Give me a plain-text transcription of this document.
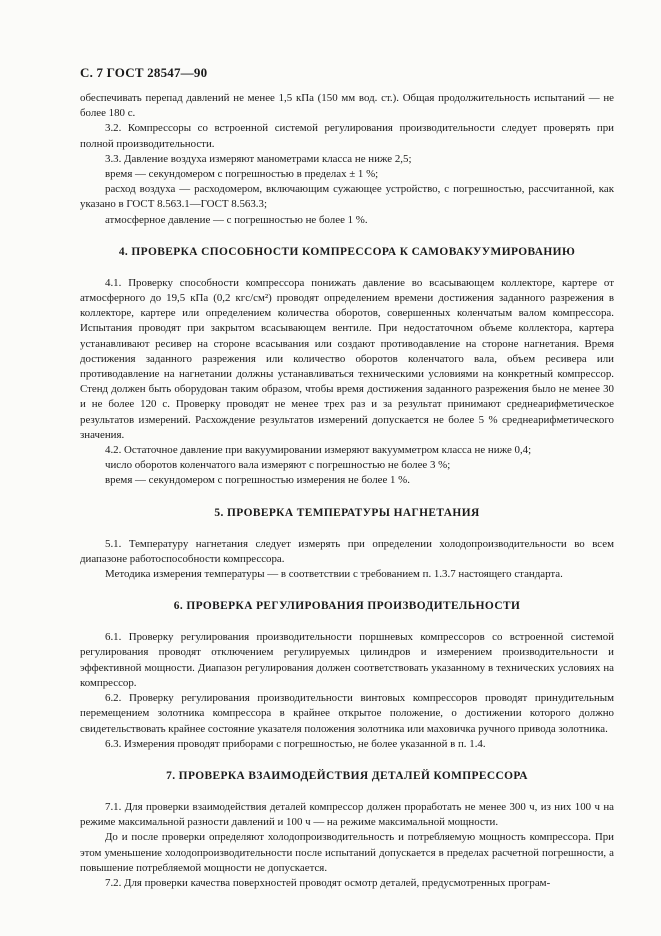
С. 7 ГОСТ 28547—90

обеспечивать перепад давлений не менее 1,5 кПа (150 мм вод. ст.). Общая продолжительность испытаний — не более 180 с.

3.2. Компрессоры со встроенной системой регулирования производительности следует проверять при полной производительности.

3.3. Давление воздуха измеряют манометрами класса не ниже 2,5;

время — секундомером с погрешностью в пределах ± 1 %;

расход воздуха — расходомером, включающим сужающее устройство, с погрешностью, рассчитанной, как указано в ГОСТ 8.563.1—ГОСТ 8.563.3;

атмосферное давление — с погрешностью не более 1 %.

4. ПРОВЕРКА СПОСОБНОСТИ КОМПРЕССОРА К САМОВАКУУМИРОВАНИЮ

4.1. Проверку способности компрессора понижать давление во всасывающем коллекторе, картере от атмосферного до 19,5 кПа (0,2 кгс/см²) проводят определением времени достижения заданного разрежения в коллекторе, картере или определением количества оборотов, совершенных коленчатым валом компрессора. Испытания проводят при закрытом всасывающем вентиле. При недостаточном объеме коллектора, картера устанавливают ресивер на стороне всасывания или создают противодавление на стороне нагнетания. Время достижения заданного разрежения или количество оборотов коленчатого вала, объем ресивера или противодавление на нагнетании должны устанавливаться техническими условиями на конкретный компрессор. Стенд должен быть оборудован таким образом, чтобы время достижения заданного разрежения было не менее 30 и не более 120 с. Проверку проводят не менее трех раз и за результат принимают среднеарифметическое результатов измерений. Расхождение результатов измерений допускается не более 5 % среднеарифметического значения.

4.2. Остаточное давление при вакуумировании измеряют вакуумметром класса не ниже 0,4;

число оборотов коленчатого вала измеряют с погрешностью не более 3 %;

время — секундомером с погрешностью измерения не более 1 %.

5. ПРОВЕРКА ТЕМПЕРАТУРЫ НАГНЕТАНИЯ

5.1. Температуру нагнетания следует измерять при определении холодопроизводительности во всем диапазоне работоспособности компрессора.

Методика измерения температуры — в соответствии с требованием п. 1.3.7 настоящего стандарта.

6. ПРОВЕРКА РЕГУЛИРОВАНИЯ ПРОИЗВОДИТЕЛЬНОСТИ

6.1. Проверку регулирования производительности поршневых компрессоров со встроенной системой регулирования проводят отключением регулируемых цилиндров и измерением производительности и эффективной мощности. Диапазон регулирования должен соответствовать указанному в технических условиях на компрессор.

6.2. Проверку регулирования производительности винтовых компрессоров проводят принудительным перемещением золотника компрессора в крайнее открытое положение, о достижении которого должно свидетельствовать крайнее состояние указателя положения золотника или маховичка ручного привода золотника.

6.3. Измерения проводят приборами с погрешностью, не более указанной в п. 1.4.

7. ПРОВЕРКА ВЗАИМОДЕЙСТВИЯ ДЕТАЛЕЙ КОМПРЕССОРА

7.1. Для проверки взаимодействия деталей компрессор должен проработать не менее 300 ч, из них 100 ч на режиме максимальной разности давлений и 100 ч — на режиме максимальной мощности.

До и после проверки определяют холодопроизводительность и потребляемую мощность компрессора. При этом уменьшение холодопроизводительности после испытаний допускается в пределах расчетной погрешности, а повышение потребляемой мощности не допускается.

7.2. Для проверки качества поверхностей проводят осмотр деталей, предусмотренных програм-
